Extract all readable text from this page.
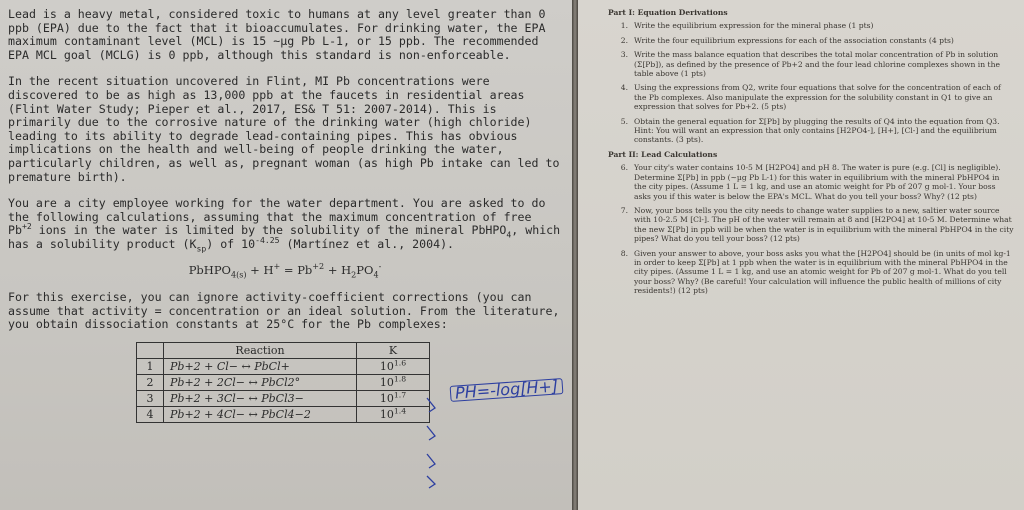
Lead is a heavy metal, considered toxic to humans at any level greater than 0 ppb (EPA) due to the fact that it bioaccumulates. For drinking water, the EPA maximum contaminant level (MCL) is 15 ~µg Pb L-1, or 15 ppb. The recommended EPA MCL goal (MCLG) is 0 ppb, although this standard is non-enforceable.

In the recent situation uncovered in Flint, MI Pb concentrations were discovered to be as high as 13,000 ppb at the faucets in residential areas (Flint Water Study; Pieper et al., 2017, ES& T 51: 2007-2014). This is primarily due to the corrosive nature of the drinking water (high chloride) leading to its ability to degrade lead-containing pipes. This has obvious implications on the health and well-being of people drinking the water, particularly children, as well as, pregnant woman (as high Pb intake can led to premature birth).

You are a city employee working for the water department. You are asked to do the following calculations, assuming that the maximum concentration of free $Pb^{+2}$ ions in the water is limited by the solubility of the mineral PbHPO$_4$, which has a solubility product $(K_{sp})$ of $10^{-4.25}$ (Martínez et al., 2004).

PbHPO$_{4(s)}$ + $H^+ = Pb^{+2} + H_2PO_4^-$

For this exercise, you can ignore activity-coefficient corrections (you can assume that activity = concentration or an ideal solution. From the literature, you obtain dissociation constants at 25°C for the Pb complexes:

	Reaction	K
1	Pb+2 + Cl− ↔ PbCl+	$10^{1.6}$
2	Pb+2 + 2Cl− ↔ PbCl2°	$10^{1.8}$
3	Pb+2 + 3Cl− ↔ PbCl3−	$10^{1.7}$
4	Pb+2 + 4Cl− ↔ PbCl4−2	$10^{1.4}$
PH=-log[H+]
Part I: Equation Derivations
1. Write the equilibrium expression for the mineral phase (1 pts)
2. Write the four equilibrium expressions for each of the association constants (4 pts)
3. Write the mass balance equation that describes the total molar concentration of Pb in solution (Σ[Pb]), as defined by the presence of Pb+2 and the four lead chlorine complexes shown in the table above (1 pts)
4. Using the expressions from Q2, write four equations that solve for the concentration of each of the Pb complexes. Also manipulate the expression for the solubility constant in Q1 to give an expression that solves for Pb+2. (5 pts)
5. Obtain the general equation for Σ[Pb] by plugging the results of Q4 into the equation from Q3. Hint: You will want an expression that only contains [H2PO4-], [H+], [Cl-] and the equilibrium constants. (3 pts).
Part II: Lead Calculations
6. Your city's water contains 10-5 M [H2PO4] and pH 8. The water is pure (e.g. [Cl] is negligible). Determine Σ[Pb] in ppb (~µg Pb L-1) for this water in equilibrium with the mineral PbHPO4 in the city pipes. (Assume 1 L = 1 kg, and use an atomic weight for Pb of 207 g mol-1. Your boss asks you if this water is below the EPA's MCL. What do you tell your boss? Why? (12 pts)
7. Now, your boss tells you the city needs to change water supplies to a new, saltier water source with 10-2.5 M [Cl-]. The pH of the water will remain at 8 and [H2PO4] at 10-5 M. Determine what the new Σ[Pb] in ppb will be when the water is in equilibrium with the mineral PbHPO4 in the city pipes? What do you tell your boss? (12 pts)
8. Given your answer to above, your boss asks you what the [H2PO4] should be (in units of mol kg-1 in order to keep Σ[Pb] at 1 ppb when the water is in equilibrium with the mineral PbHPO4 in the city pipes. (Assume 1 L = 1 kg, and use an atomic weight for Pb of 207 g mol-1. What do you tell your boss? Why? (Be careful! Your calculation will influence the public health of millions of city residents!) (12 pts)
